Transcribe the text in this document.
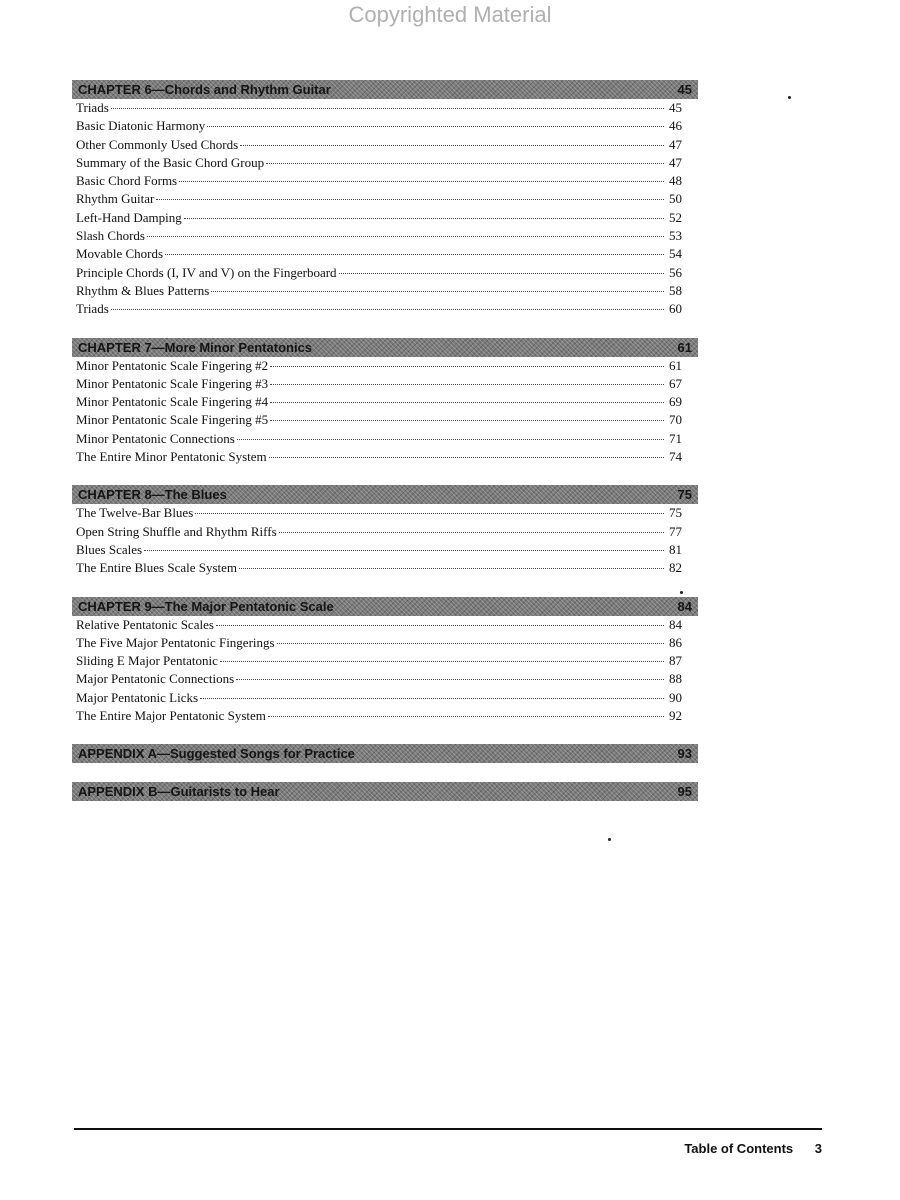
Copyrighted Material
CHAPTER 6—Chords and Rhythm Guitar	45
Triads	45
Basic Diatonic Harmony	46
Other Commonly Used Chords	47
Summary of the Basic Chord Group	47
Basic Chord Forms	48
Rhythm Guitar	50
Left-Hand Damping	52
Slash Chords	53
Movable Chords	54
Principle Chords (I, IV and V) on the Fingerboard	56
Rhythm & Blues Patterns	58
Triads	60
CHAPTER 7—More Minor Pentatonics	61
Minor Pentatonic Scale Fingering #2	61
Minor Pentatonic Scale Fingering #3	67
Minor Pentatonic Scale Fingering #4	69
Minor Pentatonic Scale Fingering #5	70
Minor Pentatonic Connections	71
The Entire Minor Pentatonic System	74
CHAPTER 8—The Blues	75
The Twelve-Bar Blues	75
Open String Shuffle and Rhythm Riffs	77
Blues Scales	81
The Entire Blues Scale System	82
CHAPTER 9—The Major Pentatonic Scale	84
Relative Pentatonic Scales	84
The Five Major Pentatonic Fingerings	86
Sliding E Major Pentatonic	87
Major Pentatonic Connections	88
Major Pentatonic Licks	90
The Entire Major Pentatonic System	92
APPENDIX A—Suggested Songs for Practice	93
APPENDIX B—Guitarists to Hear	95
Table of Contents 3
